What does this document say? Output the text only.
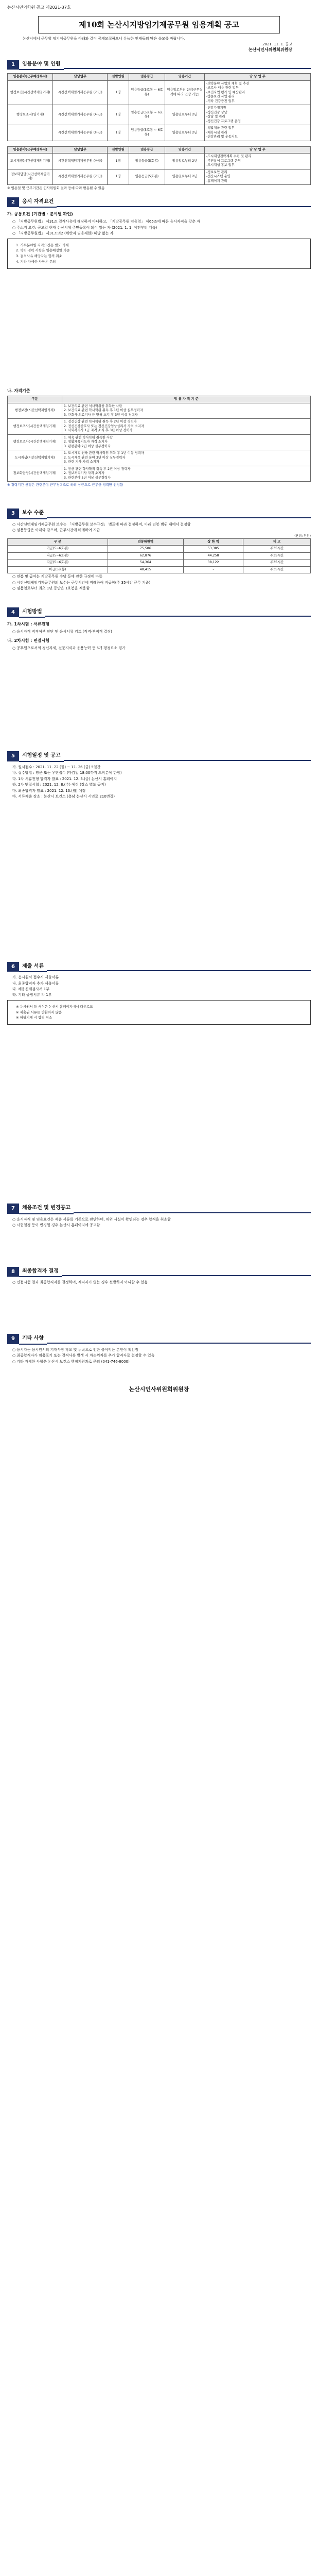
논산시민의학원 공고 제2021-37호
제10회 논산시지방임기제공무원 임용계획 공고

논산시에서 근무할 임기제공무원을 아래와 같이 공개모집하오니 유능한 인재들의 많은 응모를 바랍니다.

2021. 11. 1. 공고
논산시인사위원회위원장
1	임용분야 및 인원
임용분야(근무예정부서)	담당업무	선발인원	임용등급	임용기간	담 당 업 무
행정보건(시간선택제임기제)	시간선택제임기제공무원 (가급)	1명	임용등급(5호봉 ~ 6호봉)	임용일로부터 2년(근무실적에 따라 연장 가능)	-의약분야 사업의 계획 및 추진
-코로나 대응 관련 업무
-보건사업 평가 및 예산관리
-방문보건 사업 관리
-기타 건강증진 업무

행정보조사(임기제)	시간선택제임기제공무원 (나급)	1명	임용등급(5호봉 ~ 6호봉)	임용일로부터 2년	-건강가정지원
-정신건강 상담
-상담 및 관리
-정신건강 프로그램 운영

	시간선택제임기제공무원 (다급)	1명	임용등급(5호봉 ~ 6호봉)	임용일로부터 2년	-생활체육 관련 업무
-체육시설 관리
-건강관리 및 운동지도
임용분야(근무예정부서)	담당업무	선발인원	임용등급	임용기간	담 당 업 무
도시재생(시간선택제임기제)	시간선택제임기제공무원 (마급)	1명	임용등급(5호봉)	임용일로부터 2년	-도시재생전략계획 수립 및 관리
-주민참여 프로그램 운영
-도시재생 홍보 업무

정보화담당(시간선택제임기제)	시간선택제임기제공무원 (가급)	1명	임용등급(5호봉)	임용일로부터 2년	-정보보안 관리
-전산시스템 운영
-홈페이지 관리

※ 임용일 및 근무기간은 인사위원회 결과 등에 따라 변동될 수 있음

2	응시 자격요건
가. 공통요건 (기관별 · 분야별 확인)

○ 「지방공무원법」 제31조 결격사유에 해당하지 아니하고, 「지방공무원 임용령」 제65조에 따른 응시자격을 갖춘 자

○ 주소지 요건: 공고일 현재 논산시에 주민등록이 되어 있는 자 (2021. 1. 1. 이전부터 계속)

○ 「지방공무원법」 제31조의2 (위반자 임용제한) 해당 없는 자

1. 직무분야별 자격요건은 별도 기재

2. 학력·경력 사항은 임용예정일 기준

3. 결격사유 해당자는 합격 취소

4. 기타 자세한 사항은 문의

나. 자격기준
구분	임 용 자 격 기 준
행정보건(시간선택제임기제)	1. 보건의료 관련 석사학위를 취득한 사람
2. 보건의료 관련 학사학위 취득 후 1년 이상 실무경력자
3. 간호사·의료기사 등 면허 소지 후 3년 이상 경력자
행정보조사(시간선택제임기제)	1. 정신건강 관련 학사학위 취득 후 2년 이상 경력자
2. 정신건강간호사 또는 정신건강임상심리사 자격 소지자
3. 사회복지사 1급 자격 소지 후 3년 이상 경력자
행정보조사(시간선택제임기제)	1. 체육 관련 학사학위 취득한 사람
2. 생활체육지도자 자격 소지자
3. 관련분야 2년 이상 실무경력자
도시재생(시간선택제임기제)	1. 도시계획·건축 관련 학사학위 취득 후 1년 이상 경력자
2. 도시재생 관련 분야 3년 이상 실무경력자
3. 관련 기사 자격 소지자
정보화담당(시간선택제임기제)	1. 전산 관련 학사학위 취득 후 2년 이상 경력자
2. 정보처리기사 자격 소지자
3. 관련분야 5년 이상 실무경력자

※ 경력기간 산정은 관련분야 근무경력으로 하되 상근으로 근무한 경력만 인정함

3	보수 수준

○ 시간선택제임기제공무원 보수는 「지방공무원 보수규정」 별표에 따라 결정하며, 아래 연봉 범위 내에서 결정함

○ 임용등급은 아래와 같으며, 근무시간에 비례하여 지급

(단위: 천원)
구 분	연봉하한액	상 한 액	비 고
가급(5~6호봉)	75,586	53,385	주35시간
나급(5~6호봉)	62,876	44,258	주35시간
다급(5~6호봉)	54,364	38,122	주35시간
마급(5호봉)	48,415	-	주35시간

○ 연봉 및 급여는 지방공무원 수당 등에 관한 규정에 따름

○ 시간선택제임기제공무원의 보수는 근무시간에 비례하여 지급함(주 35시간 근무 기준)

○ 임용일로부터 최초 1년 동안은 1호봉을 적용함

4	시험방법
가. 1차시험 : 서류전형

○ 응시자격 적격여부 판단 및 응시서류 검토 (적격·부적격 결정)

나. 2차시험 : 면접시험

○ 공무원으로서의 정신자세, 전문지식과 응용능력 등 5개 평정요소 평가

5	시험일정 및 공고

가. 원서접수 : 2021. 11. 22.(월) ~ 11. 26.(금) 5일간

나. 접수방법 : 방문 또는 우편접수 (마감일 18:00까지 도착분에 한함)

다. 1차 서류전형 합격자 발표 : 2021. 12. 3.(금) 논산시 홈페이지

라. 2차 면접시험 : 2021. 12. 8.(수) 예정 (장소 별도 공지)

마. 최종합격자 발표 : 2021. 12. 13.(월) 예정

바. 서류제출 장소 : 논산시 보건소 (충남 논산시 시민로 210번길)

6	제출 서류

가. 응시원서 접수시 제출서류

나. 최종합격자 추가 제출서류

다. 채용신체검사서 1부

라. 기타 증빙서류 각 1부

※ 응시원서 등 서식은 논산시 홈페이지에서 다운로드

※ 제출된 서류는 반환하지 않음

※ 허위기재 시 합격 취소

7	채용조건 및 변경공고

○ 응시자격 및 임용요건은 제출 서류를 기준으로 판단하며, 허위 사실이 확인되는 경우 합격을 취소함

○ 시험일정 등이 변경될 경우 논산시 홈페이지에 공고함

8	최종합격자 결정

○ 면접시험 결과 최종합격자를 결정하며, 적격자가 없는 경우 선발하지 아니할 수 있음

9	기타 사항

○ 응시자는 응시원서의 기재사항 착오 및 누락으로 인한 불이익은 본인이 책임짐

○ 최종합격자가 임용포기 또는 결격사유 발생 시 차순위자를 추가 합격자로 결정할 수 있음

○ 기타 자세한 사항은 논산시 보건소 행정지원과로 문의 (041-746-8000)

논산시인사위원회위원장
